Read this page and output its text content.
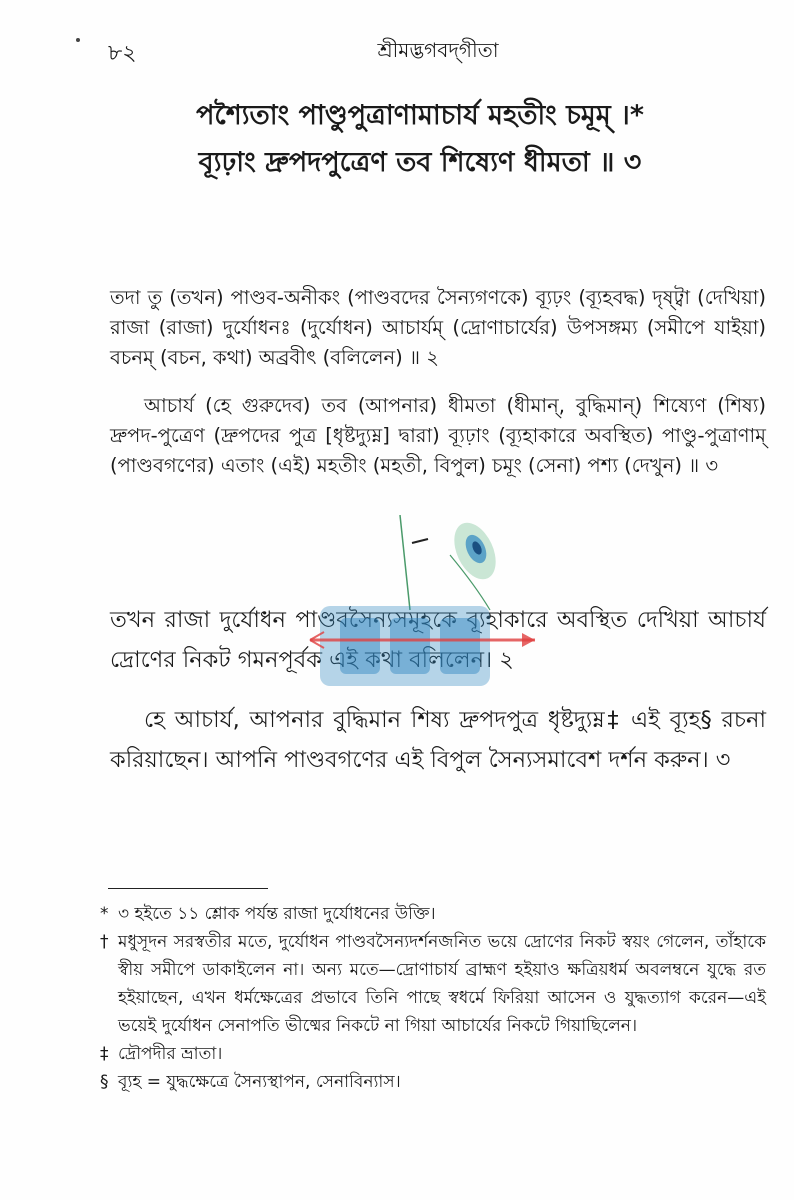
৮২	শ্রীমদ্ভগবদ্‌গীতা
পশ্যৈতাং পাণ্ডুপুত্রাণামাচার্য মহতীং চমূম্‌ ।*
ব্যূঢ়াং দ্রুপদপুত্রেণ তব শিষ্যেণ ধীমতা ॥ ৩

তদা তু (তখন) পাণ্ডব-অনীকং (পাণ্ডবদের সৈন্যগণকে) ব্যূঢ়ং (ব্যূহবদ্ধ) দৃষ্ট্বা (দেখিয়া) রাজা (রাজা) দুর্যোধনঃ (দুর্যোধন) আচার্যম্‌ (দ্রোণাচার্যের) উপসঙ্গম্য (সমীপে যাইয়া) বচনম্‌ (বচন, কথা) অব্রবীৎ (বলিলেন) ॥ ২

আচার্য (হে গুরুদেব) তব (আপনার) ধীমতা (ধীমান্‌, বুদ্ধিমান্‌) শিষ্যেণ (শিষ্য) দ্রুপদ-পুত্রেণ (দ্রুপদের পুত্র [ধৃষ্টদ্যুম্ন] দ্বারা) ব্যূঢ়াং (ব্যূহাকারে অবস্থিত) পাণ্ডু-পুত্রাণাম্‌ (পাণ্ডবগণের) এতাং (এই) মহতীং (মহতী, বিপুল) চমূং (সেনা) পশ্য (দেখুন) ॥ ৩

তখন রাজা দুর্যোধন পাণ্ডবসৈন্যসমূহকে ব্যূহাকারে অবস্থিত দেখিয়া আচার্য দ্রোণের নিকট গমনপূর্বক এই কথা বলিলেন। ২

হে আচার্য, আপনার বুদ্ধিমান শিষ্য দ্রুপদপুত্র ধৃষ্টদ্যুম্ন‡ এই ব্যূহ§ রচনা করিয়াছেন। আপনি পাণ্ডবগণের এই বিপুল সৈন্যসমাবেশ দর্শন করুন। ৩

* ৩ হইতে ১১ শ্লোক পর্যন্ত রাজা দুর্যোধনের উক্তি।
† মধুসূদন সরস্বতীর মতে, দুর্যোধন পাণ্ডবসৈন্যদর্শনজনিত ভয়ে দ্রোণের নিকট স্বয়ং গেলেন, তাঁহাকে স্বীয় সমীপে ডাকাইলেন না। অন্য মতে—দ্রোণাচার্য ব্রাহ্মণ হইয়াও ক্ষত্রিয়ধর্ম অবলম্বনে যুদ্ধে রত হইয়াছেন, এখন ধর্মক্ষেত্রের প্রভাবে তিনি পাছে স্বধর্মে ফিরিয়া আসেন ও যুদ্ধত্যাগ করেন—এই ভয়েই দুর্যোধন সেনাপতি ভীষ্মের নিকটে না গিয়া আচার্যের নিকটে গিয়াছিলেন।
‡ দ্রৌপদীর ভ্রাতা।
§ ব্যূহ = যুদ্ধক্ষেত্রে সৈন্যস্থাপন, সেনাবিন্যাস।
